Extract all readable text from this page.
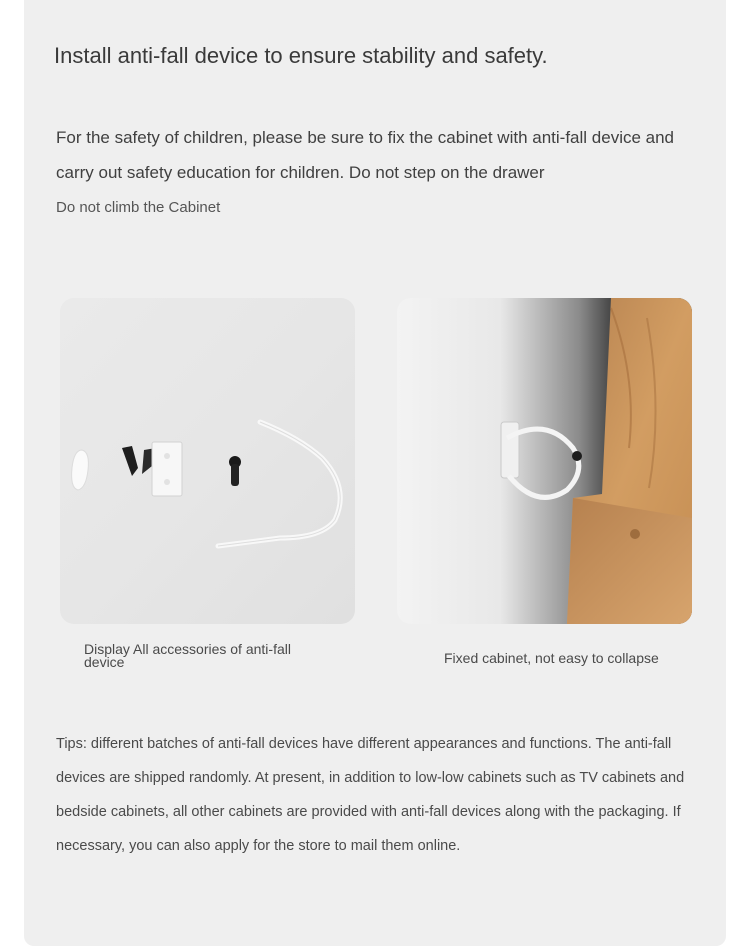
Install anti-fall device to ensure stability and safety.
For the safety of children, please be sure to fix the cabinet with anti-fall device and carry out safety education for children. Do not step on the drawer
Do not climb the Cabinet
Display All accessories of anti-fall device	Fixed cabinet, not easy to collapse
Tips: different batches of anti-fall devices have different appearances and functions. The anti-fall devices are shipped randomly. At present, in addition to low-low cabinets such as TV cabinets and bedside cabinets, all other cabinets are provided with anti-fall devices along with the packaging. If necessary, you can also apply for the store to mail them online.
